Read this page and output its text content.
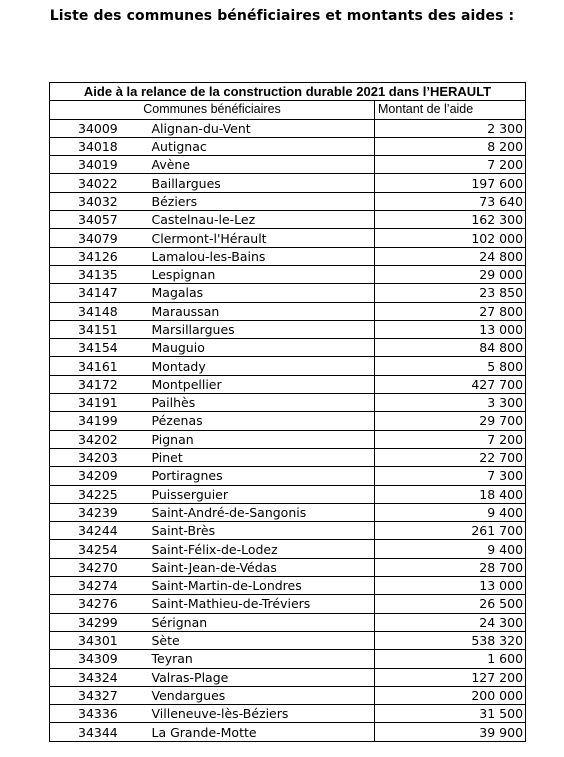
Liste des communes bénéficiaires et montants des aides :
Aide à la relance de la construction durable 2021 dans l’HERAULT		
Communes bénéficiaires		Montant de l’aide
34009	Alignan-du-Vent	2 300
34018	Autignac	8 200
34019	Avène	7 200
34022	Baillargues	197 600
34032	Béziers	73 640
34057	Castelnau-le-Lez	162 300
34079	Clermont-l'Hérault	102 000
34126	Lamalou-les-Bains	24 800
34135	Lespignan	29 000
34147	Magalas	23 850
34148	Maraussan	27 800
34151	Marsillargues	13 000
34154	Mauguio	84 800
34161	Montady	5 800
34172	Montpellier	427 700
34191	Pailhès	3 300
34199	Pézenas	29 700
34202	Pignan	7 200
34203	Pinet	22 700
34209	Portiragnes	7 300
34225	Puisserguier	18 400
34239	Saint-André-de-Sangonis	9 400
34244	Saint-Brès	261 700
34254	Saint-Félix-de-Lodez	9 400
34270	Saint-Jean-de-Védas	28 700
34274	Saint-Martin-de-Londres	13 000
34276	Saint-Mathieu-de-Tréviers	26 500
34299	Sérignan	24 300
34301	Sète	538 320
34309	Teyran	1 600
34324	Valras-Plage	127 200
34327	Vendargues	200 000
34336	Villeneuve-lès-Béziers	31 500
34344	La Grande-Motte	39 900
